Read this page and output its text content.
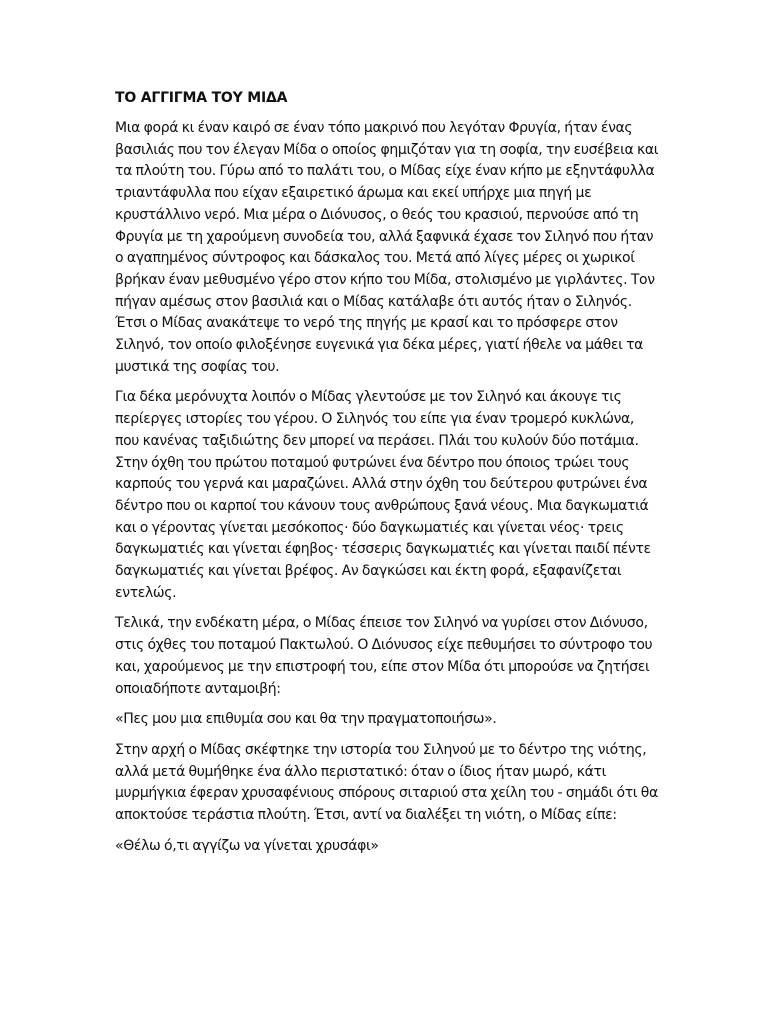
ΤΟ ΑΓΓΙΓΜΑ ΤΟΥ ΜΙΔΑ

Μια φορά κι έναν καιρό σε έναν τόπο μακρινό που λεγόταν Φρυγία, ήταν ένας βασιλιάς που τον έλεγαν Μίδα ο οποίος φημιζόταν για τη σοφία, την ευσέβεια και τα πλούτη του. Γύρω από το παλάτι του, ο Μίδας είχε έναν κήπο με εξηντάφυλλα τριαντάφυλλα που είχαν εξαιρετικό άρωμα και εκεί υπήρχε μια πηγή με κρυστάλλινο νερό. Μια μέρα ο Διόνυσος, ο θεός του κρασιού, περνούσε από τη Φρυγία με τη χαρούμενη συνοδεία του, αλλά ξαφνικά έχασε τον Σιληνό που ήταν ο αγαπημένος σύντροφος και δάσκαλος του. Μετά από λίγες μέρες οι χωρικοί βρήκαν έναν μεθυσμένο γέρο στον κήπο του Μίδα, στολισμένο με γιρλάντες. Τον πήγαν αμέσως στον βασιλιά και ο Μίδας κατάλαβε ότι αυτός ήταν ο Σιληνός. Έτσι ο Μίδας ανακάτεψε το νερό της πηγής με κρασί και το πρόσφερε στον Σιληνό, τον οποίο φιλοξένησε ευγενικά για δέκα μέρες, γιατί ήθελε να μάθει τα μυστικά της σοφίας του.

Για δέκα μερόνυχτα λοιπόν ο Μίδας γλεντούσε με τον Σιληνό και άκουγε τις περίεργες ιστορίες του γέρου. Ο Σιληνός του είπε για έναν τρομερό κυκλώνα, που κανένας ταξιδιώτης δεν μπορεί να περάσει. Πλάι του κυλούν δύο ποτάμια. Στην όχθη του πρώτου ποταμού φυτρώνει ένα δέντρο που όποιος τρώει τους καρπούς του γερνά και μαραζώνει. Αλλά στην όχθη του δεύτερου φυτρώνει ένα δέντρο που οι καρποί του κάνουν τους ανθρώπους ξανά νέους. Μια δαγκωματιά και ο γέροντας γίνεται μεσόκοπος· δύο δαγκωματιές και γίνεται νέος· τρεις δαγκωματιές και γίνεται έφηβος· τέσσερις δαγκωματιές και γίνεται παιδί πέντε δαγκωματιές και γίνεται βρέφος. Αν δαγκώσει και έκτη φορά, εξαφανίζεται εντελώς.

Τελικά, την ενδέκατη μέρα, ο Μίδας έπεισε τον Σιληνό να γυρίσει στον Διόνυσο, στις όχθες του ποταμού Πακτωλού. Ο Διόνυσος είχε πεθυμήσει το σύντροφο του και, χαρούμενος με την επιστροφή του, είπε στον Μίδα ότι μπορούσε να ζητήσει οποιαδήποτε ανταμοιβή:

«Πες μου μια επιθυμία σου και θα την πραγματοποιήσω».

Στην αρχή ο Μίδας σκέφτηκε την ιστορία του Σιληνού με το δέντρο της νιότης, αλλά μετά θυμήθηκε ένα άλλο περιστατικό: όταν ο ίδιος ήταν μωρό, κάτι μυρμήγκια έφεραν χρυσαφένιους σπόρους σιταριού στα χείλη του - σημάδι ότι θα αποκτούσε τεράστια πλούτη. Έτσι, αντί να διαλέξει τη νιότη, ο Μίδας είπε:

«Θέλω ό,τι αγγίζω να γίνεται χρυσάφι»
